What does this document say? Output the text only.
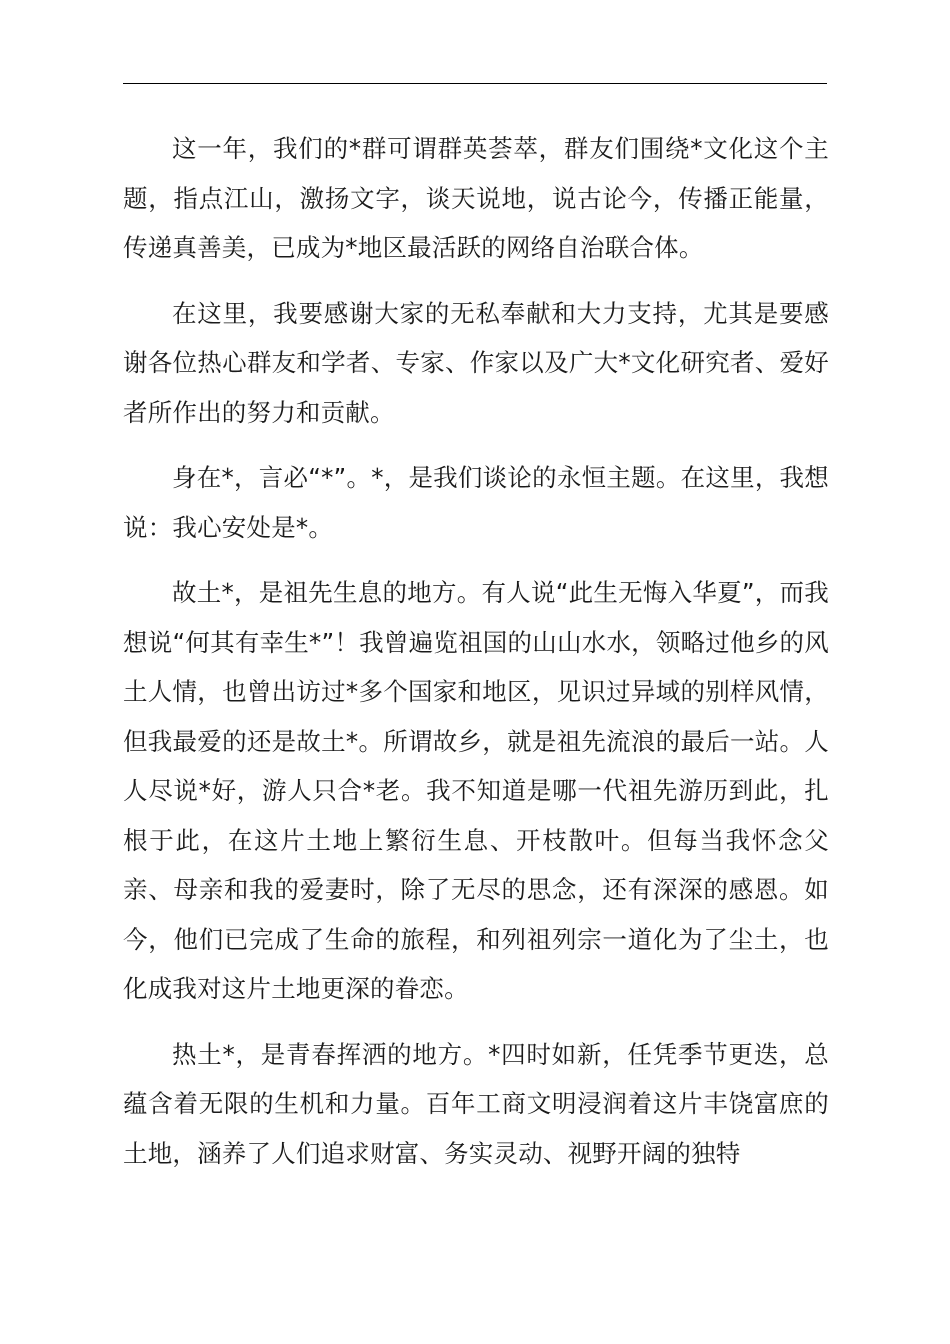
这一年，我们的*群可谓群英荟萃，群友们围绕*文化这个主题，指点江山，激扬文字，谈天说地，说古论今，传播正能量，传递真善美，已成为*地区最活跃的网络自治联合体。

在这里，我要感谢大家的无私奉献和大力支持，尤其是要感谢各位热心群友和学者、专家、作家以及广大*文化研究者、爱好者所作出的努力和贡献。

身在*，言必“*”。*，是我们谈论的永恒主题。在这里，我想说：我心安处是*。

故土*，是祖先生息的地方。有人说“此生无悔入华夏”，而我想说“何其有幸生*”！我曾遍览祖国的山山水水，领略过他乡的风土人情，也曾出访过*多个国家和地区，见识过异域的别样风情，但我最爱的还是故土*。所谓故乡，就是祖先流浪的最后一站。人人尽说*好，游人只合*老。我不知道是哪一代祖先游历到此，扎根于此，在这片土地上繁衍生息、开枝散叶。但每当我怀念父亲、母亲和我的爱妻时，除了无尽的思念，还有深深的感恩。如今，他们已完成了生命的旅程，和列祖列宗一道化为了尘土，也化成我对这片土地更深的眷恋。

热土*，是青春挥洒的地方。*四时如新，任凭季节更迭，总蕴含着无限的生机和力量。百年工商文明浸润着这片丰饶富庶的土地，涵养了人们追求财富、务实灵动、视野开阔的独特
